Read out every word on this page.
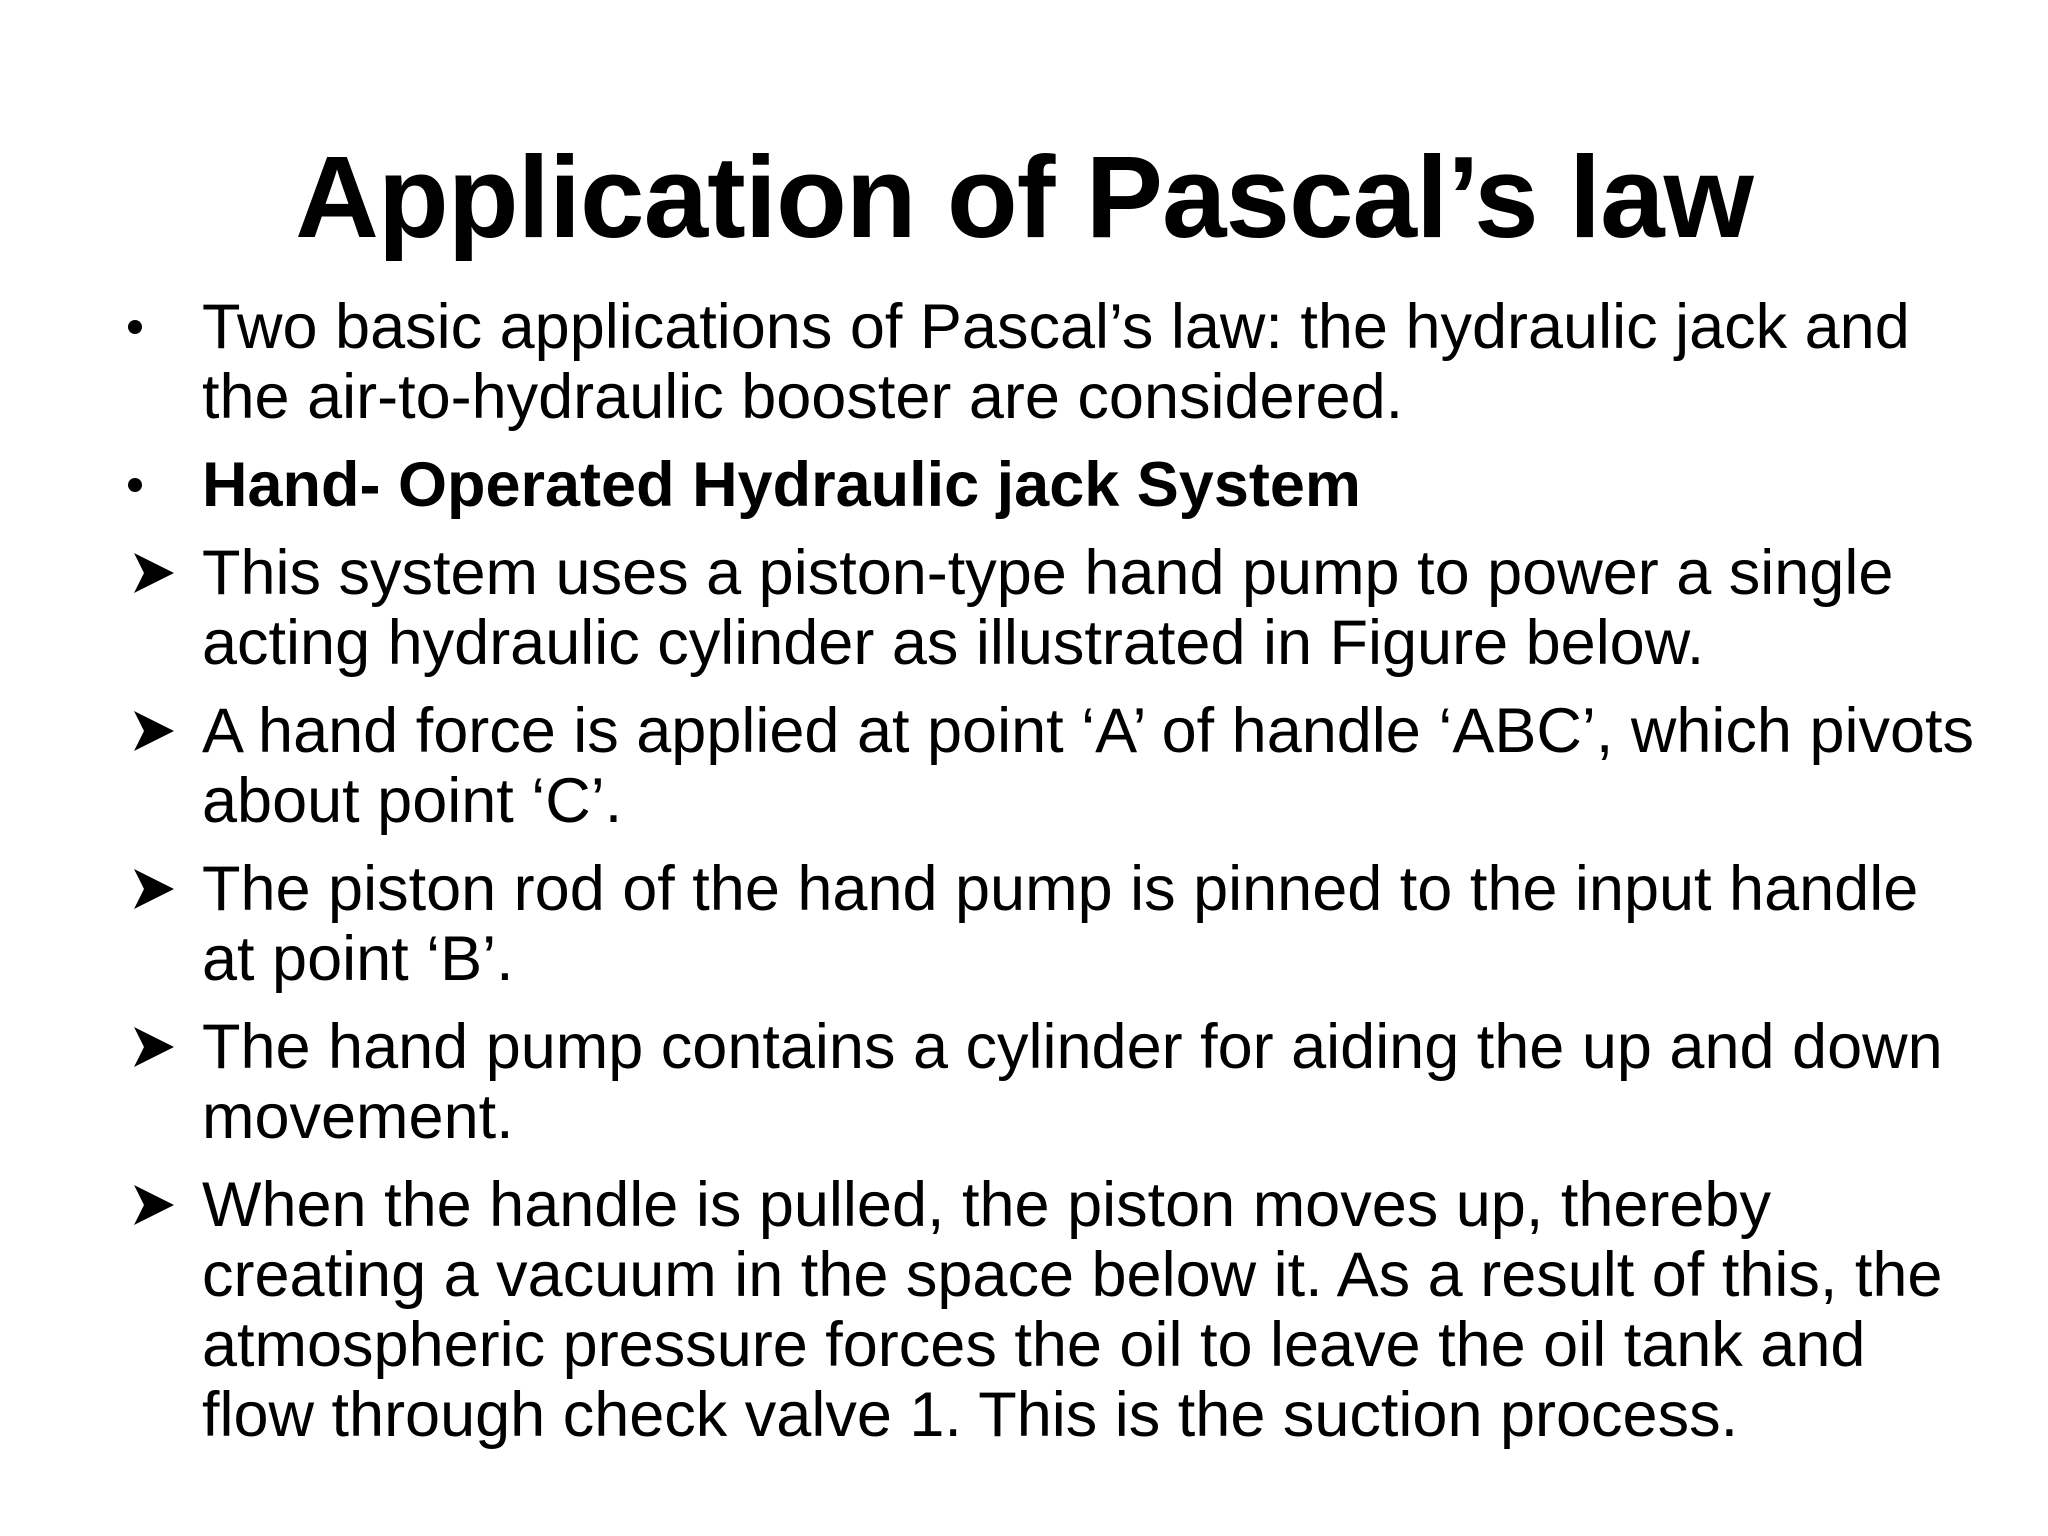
Application of Pascal’s law
Two basic applications of Pascal’s law: the hydraulic jack and the air-to-hydraulic booster are considered.
Hand- Operated Hydraulic jack System
This system uses a piston-type hand pump to power a single acting hydraulic cylinder as illustrated in Figure below.
A hand force is applied at point ‘A’ of handle ‘ABC’, which pivots about point ‘C’.
The piston rod of the hand pump is pinned to the input handle at point ‘B’.
The hand pump contains a cylinder for aiding the up and down movement.
When the handle is pulled, the piston moves up, thereby creating a vacuum in the space below it. As a result of this, the atmospheric pressure forces the oil to leave the oil tank and flow through check valve 1. This is the suction process.
